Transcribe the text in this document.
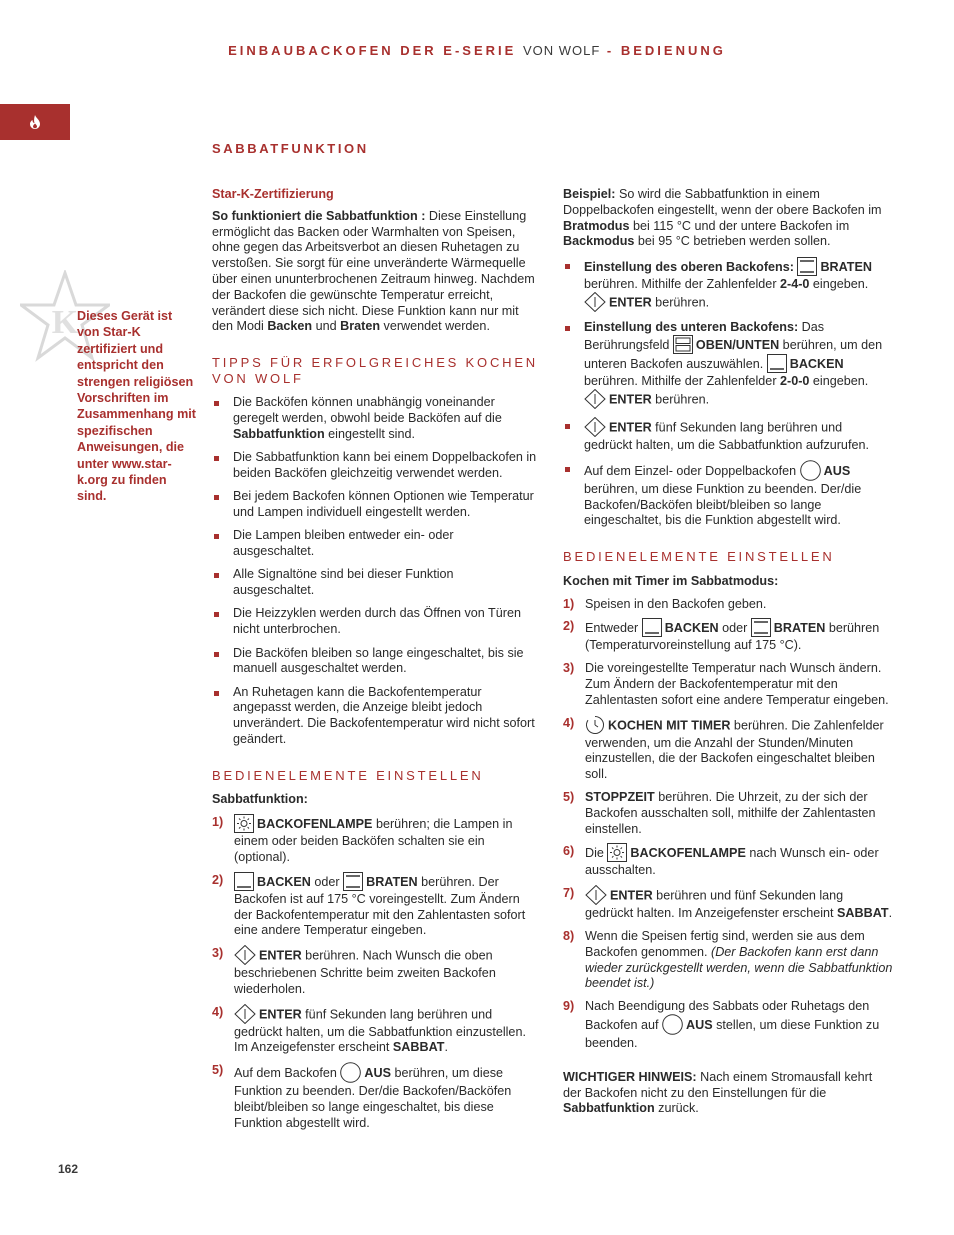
EINBAUBACKOFEN DER E-SERIE VON WOLF - BEDIENUNG
SABBATFUNKTION
K
Dieses Gerät ist von Star-K zertifiziert und entspricht den strengen religiösen Vorschriften im Zusammenhang mit spezifischen Anweisungen, die unter www.star-k.org zu finden sind.
Star-K-Zertifizierung
So funktioniert die Sabbatfunktion : Diese Einstellung ermöglicht das Backen oder Warmhalten von Speisen, ohne gegen das Arbeitsverbot an diesen Ruhetagen zu verstoßen. Sie sorgt für eine unveränderte Wärmequelle über einen ununterbrochenen Zeitraum hinweg. Nachdem der Backofen die gewünschte Temperatur erreicht, verändert diese sich nicht. Diese Funktion kann nur mit den Modi Backen und Braten verwendet werden.
TIPPS FÜR ERFOLGREICHES KOCHEN VON WOLF
Die Backöfen können unabhängig voneinander geregelt werden, obwohl beide Backöfen auf die Sabbatfunktion eingestellt sind.
Die Sabbatfunktion kann bei einem Doppelbackofen in beiden Backöfen gleichzeitig verwendet werden.
Bei jedem Backofen können Optionen wie Temperatur und Lampen individuell eingestellt werden.
Die Lampen bleiben entweder ein- oder ausgeschaltet.
Alle Signaltöne sind bei dieser Funktion ausgeschaltet.
Die Heizzyklen werden durch das Öffnen von Türen nicht unterbrochen.
Die Backöfen bleiben so lange eingeschaltet, bis sie manuell ausgeschaltet werden.
An Ruhetagen kann die Backofentemperatur angepasst werden, die Anzeige bleibt jedoch unverändert. Die Backofentemperatur wird nicht sofort geändert.
BEDIENELEMENTE EINSTELLEN
Sabbatfunktion:
1)	BACKOFENLAMPE berühren; die Lampen in einem oder beiden Backöfen schalten sie ein (optional).
2)	BACKEN oder BRATEN berühren. Der Backofen ist auf 175 °C voreingestellt. Zum Ändern der Backofentemperatur mit den Zahlentasten sofort eine andere Temperatur eingeben.
3)	ENTER berühren. Nach Wunsch die oben beschriebenen Schritte beim zweiten Backofen wiederholen.
4)	ENTER fünf Sekunden lang berühren und gedrückt halten, um die Sabbatfunktion einzustellen. Im Anzeigefenster erscheint SABBAT.
5) Auf dem Backofen AUS berühren, um diese Funktion zu beenden. Der/die Backofen/Backöfen bleibt/bleiben so lange eingeschaltet, bis diese Funktion abgestellt wird.
Beispiel: So wird die Sabbatfunktion in einem Doppelbackofen eingestellt, wenn der obere Backofen im Bratmodus bei 115 °C und der untere Backofen im Backmodus bei 95 °C betrieben werden sollen.
Einstellung des oberen Backofens: BRATEN berühren. Mithilfe der Zahlenfelder 2-4-0 eingeben. ENTER berühren.
Einstellung des unteren Backofens: Das Berührungsfeld OBEN/UNTEN berühren, um den unteren Backofen auszuwählen. BACKEN berühren. Mithilfe der Zahlenfelder 2-0-0 eingeben. ENTER berühren.
ENTER fünf Sekunden lang berühren und gedrückt halten, um die Sabbatfunktion aufzurufen.
Auf dem Einzel- oder Doppelbackofen AUS berühren, um diese Funktion zu beenden. Der/die Backofen/Backöfen bleibt/bleiben so lange eingeschaltet, bis die Funktion abgestellt wird.
BEDIENELEMENTE EINSTELLEN
Kochen mit Timer im Sabbatmodus:
1) Speisen in den Backofen geben.
2) Entweder BACKEN oder BRATEN berühren (Temperaturvoreinstellung auf 175 °C).
3) Die voreingestellte Temperatur nach Wunsch ändern. Zum Ändern der Backofentemperatur mit den Zahlentasten sofort eine andere Temperatur eingeben.
4)	KOCHEN MIT TIMER berühren. Die Zahlenfelder verwenden, um die Anzahl der Stunden/Minuten einzustellen, die der Backofen eingeschaltet bleiben soll.
5) STOPPZEIT berühren. Die Uhrzeit, zu der sich der Backofen ausschalten soll, mithilfe der Zahlentasten einstellen.
6) Die BACKOFENLAMPE nach Wunsch ein- oder ausschalten.
7)	ENTER berühren und fünf Sekunden lang gedrückt halten. Im Anzeigefenster erscheint SABBAT.
8) Wenn die Speisen fertig sind, werden sie aus dem Backofen genommen. (Der Backofen kann erst dann wieder zurückgestellt werden, wenn die Sabbatfunktion beendet ist.)
9) Nach Beendigung des Sabbats oder Ruhetags den Backofen auf AUS stellen, um diese Funktion zu beenden.
WICHTIGER HINWEIS: Nach einem Stromausfall kehrt der Backofen nicht zu den Einstellungen für die Sabbatfunktion zurück.
162
